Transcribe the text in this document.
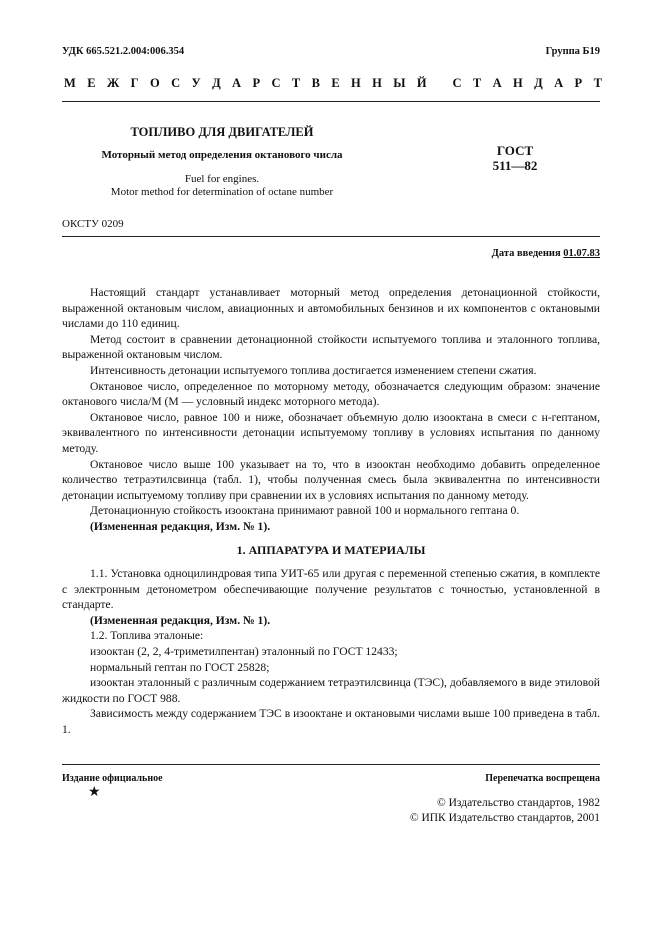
УДК 665.521.2.004:006.354	Группа Б19
М Е Ж Г О С У Д А Р С Т В Е Н Н Ы Й
С Т А Н Д А Р Т
ТОПЛИВО ДЛЯ ДВИГАТЕЛЕЙ
Моторный метод определения октанового числа
Fuel for engines.
Motor method for determination of octane number
ГОСТ
511—82
ОКСТУ 0209
Дата введения 01.07.83

Настоящий стандарт устанавливает моторный метод определения детонационной стойкости, выраженной октановым числом, авиационных и автомобильных бензинов и их компонентов с октановыми числами до 110 единиц.

Метод состоит в сравнении детонационной стойкости испытуемого топлива и эталонного топлива, выраженной октановым числом.

Интенсивность детонации испытуемого топлива достигается изменением степени сжатия.

Октановое число, определенное по моторному методу, обозначается следующим образом: значение октанового числа/М (М — условный индекс моторного метода).

Октановое число, равное 100 и ниже, обозначает объемную долю изооктана в смеси с н-гептаном, эквивалентного по интенсивности детонации испытуемому топливу в условиях испытания по данному методу.

Октановое число выше 100 указывает на то, что в изооктан необходимо добавить определенное количество тетраэтилсвинца (табл. 1), чтобы полученная смесь была эквивалентна по интенсивности детонации испытуемому топливу при сравнении их в условиях испытания по данному методу.

Детонационную стойкость изооктана принимают равной 100 и нормального гептана 0.

(Измененная редакция, Изм. № 1).

1. АППАРАТУРА И МАТЕРИАЛЫ

1.1. Установка одноцилиндровая типа УИТ-65 или другая с переменной степенью сжатия, в комплекте с электронным детонометром обеспечивающие получение результатов с точностью, установленной в стандарте.

(Измененная редакция, Изм. № 1).

1.2. Топлива эталоные:

изооктан (2, 2, 4-триметилпентан) эталонный по ГОСТ 12433;

нормальный гептан по ГОСТ 25828;

изооктан эталонный с различным содержанием тетраэтилсвинца (ТЭС), добавляемого в виде этиловой жидкости по ГОСТ 988.

Зависимость между содержанием ТЭС в изооктане и октановыми числами выше 100 приведена в табл. 1.

Издание официальное	Перепечатка воспрещена
★
© Издательство стандартов, 1982
© ИПК Издательство стандартов, 2001
